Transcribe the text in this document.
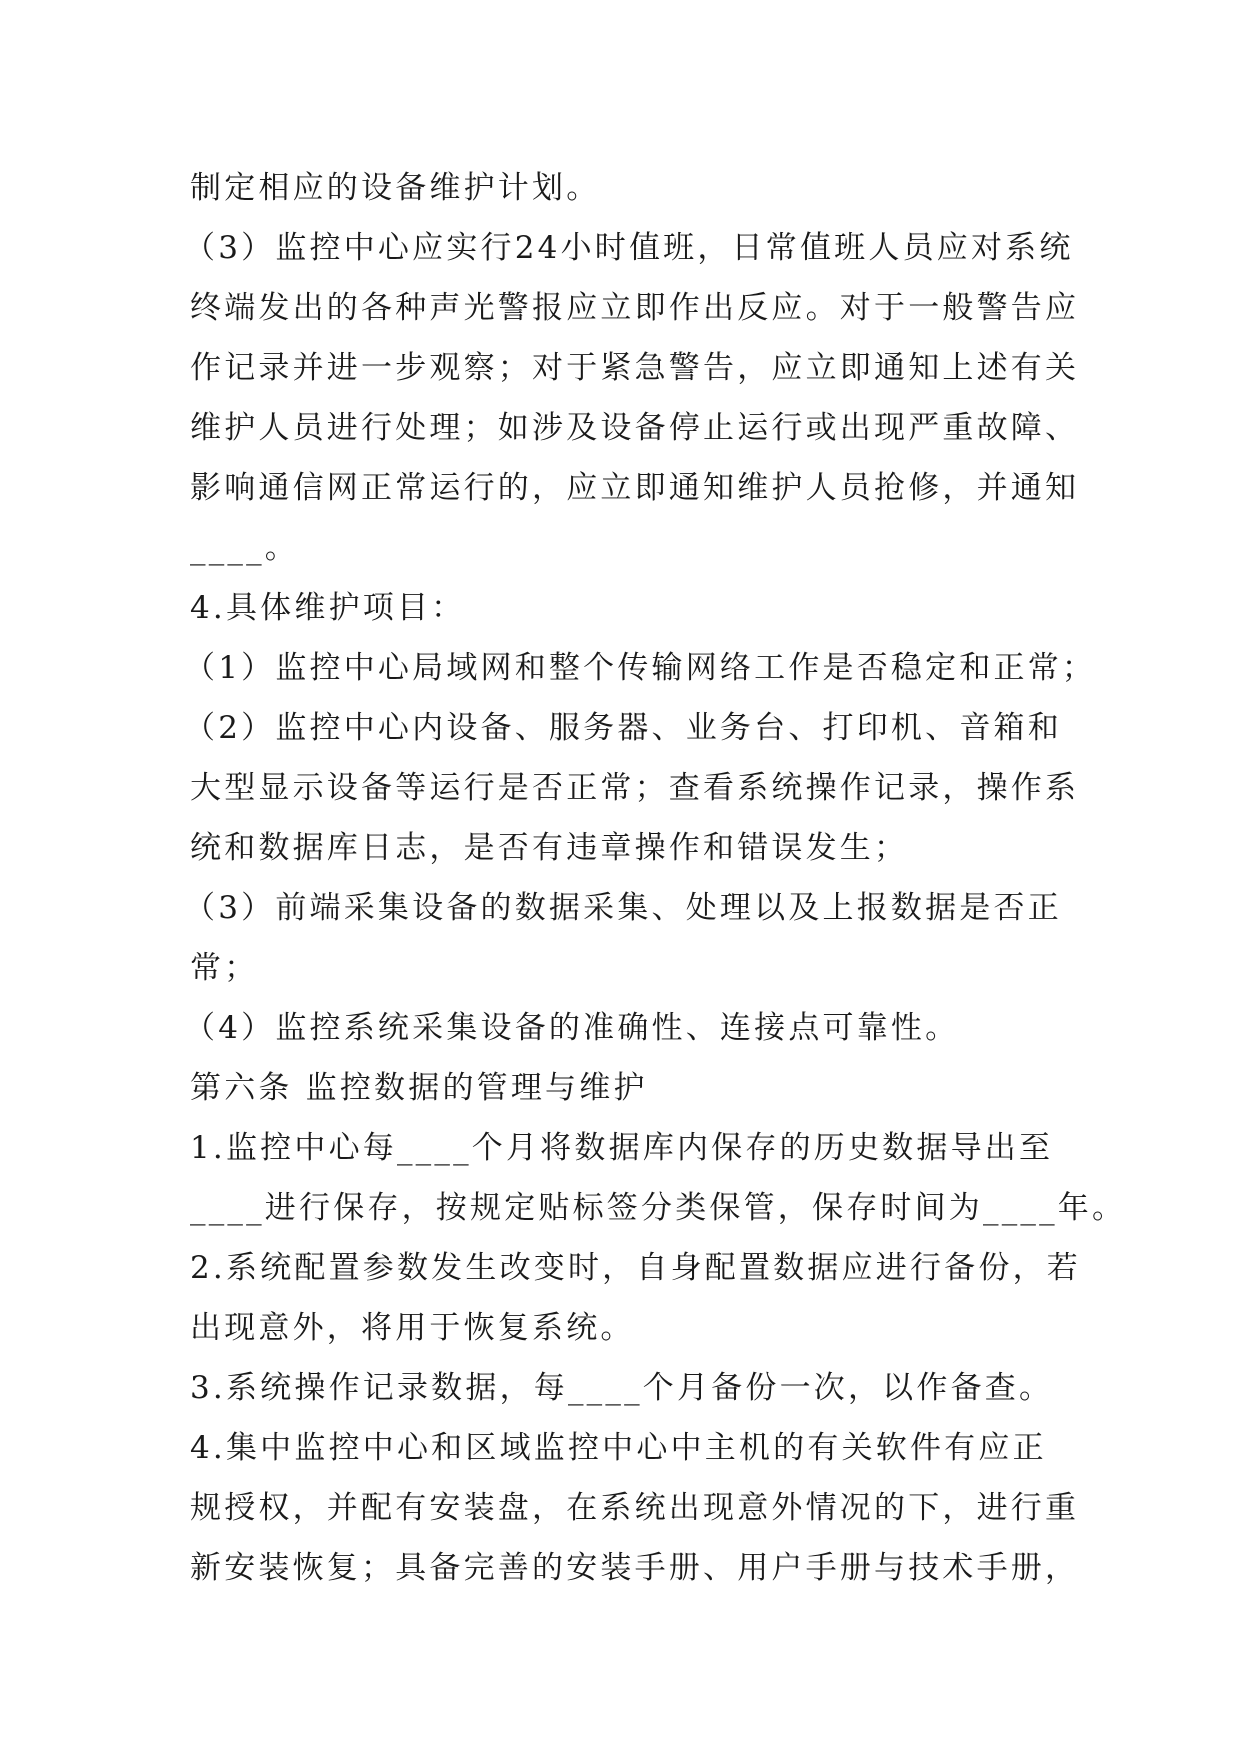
制定相应的设备维护计划。
（3）监控中心应实行24小时值班，日常值班人员应对系统
终端发出的各种声光警报应立即作出反应。对于一般警告应
作记录并进一步观察；对于紧急警告，应立即通知上述有关
维护人员进行处理；如涉及设备停止运行或出现严重故障、
影响通信网正常运行的，应立即通知维护人员抢修，并通知
____。
4.具体维护项目：
（1）监控中心局域网和整个传输网络工作是否稳定和正常；
（2）监控中心内设备、服务器、业务台、打印机、音箱和
大型显示设备等运行是否正常；查看系统操作记录，操作系
统和数据库日志，是否有违章操作和错误发生；
（3）前端采集设备的数据采集、处理以及上报数据是否正
常；
（4）监控系统采集设备的准确性、连接点可靠性。
第六条 监控数据的管理与维护
1.监控中心每____个月将数据库内保存的历史数据导出至
____进行保存，按规定贴标签分类保管，保存时间为____年。
2.系统配置参数发生改变时，自身配置数据应进行备份，若
出现意外，将用于恢复系统。
3.系统操作记录数据，每____个月备份一次，以作备查。
4.集中监控中心和区域监控中心中主机的有关软件有应正
规授权，并配有安装盘，在系统出现意外情况的下，进行重
新安装恢复；具备完善的安装手册、用户手册与技术手册，
